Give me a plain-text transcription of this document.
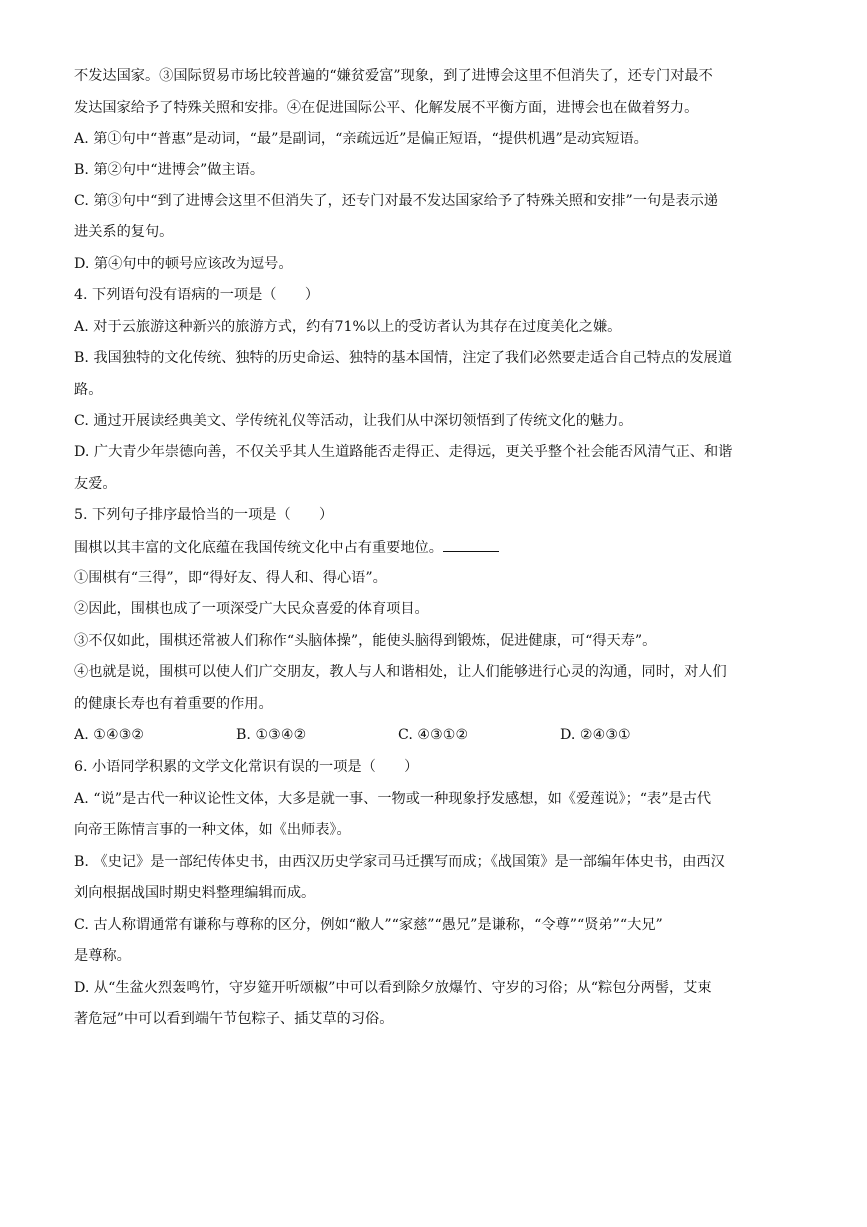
不发达国家。③国际贸易市场比较普遍的“嫌贫爱富”现象，到了进博会这里不但消失了，还专门对最不
发达国家给予了特殊关照和安排。④在促进国际公平、化解发展不平衡方面，进博会也在做着努力。
A. 第①句中“普惠”是动词，“最”是副词，“亲疏远近”是偏正短语，“提供机遇”是动宾短语。
B. 第②句中“进博会”做主语。
C. 第③句中“到了进博会这里不但消失了，还专门对最不发达国家给予了特殊关照和安排”一句是表示递
进关系的复句。
D. 第④句中的顿号应该改为逗号。
4. 下列语句没有语病的一项是（　　）
A. 对于云旅游这种新兴的旅游方式，约有71%以上的受访者认为其存在过度美化之嫌。
B. 我国独特的文化传统、独特的历史命运、独特的基本国情，注定了我们必然要走适合自己特点的发展道
路。
C. 通过开展读经典美文、学传统礼仪等活动，让我们从中深切领悟到了传统文化的魅力。
D. 广大青少年崇德向善，不仅关乎其人生道路能否走得正、走得远，更关乎整个社会能否风清气正、和谐
友爱。
5. 下列句子排序最恰当的一项是（　　）
围棋以其丰富的文化底蕴在我国传统文化中占有重要地位。
①围棋有“三得”，即“得好友、得人和、得心语”。
②因此，围棋也成了一项深受广大民众喜爱的体育项目。
③不仅如此，围棋还常被人们称作“头脑体操”，能使头脑得到锻炼，促进健康，可“得天寿”。
④也就是说，围棋可以使人们广交朋友，教人与人和谐相处，让人们能够进行心灵的沟通，同时，对人们
的健康长寿也有着重要的作用。
A. ①④③②	B. ①③④②	C. ④③①②	D. ②④③①
6. 小语同学积累的文学文化常识有误的一项是（　　）
A. “说”是古代一种议论性文体，大多是就一事、一物或一种现象抒发感想，如《爱莲说》；“表”是古代
向帝王陈情言事的一种文体，如《出师表》。
B. 《史记》是一部纪传体史书，由西汉历史学家司马迁撰写而成；《战国策》是一部编年体史书，由西汉
刘向根据战国时期史料整理编辑而成。
C. 古人称谓通常有谦称与尊称的区分，例如“敝人”“家慈”“愚兄”是谦称，“令尊”“贤弟”“大兄”
是尊称。
D. 从“生盆火烈轰鸣竹，守岁筵开听颂椒”中可以看到除夕放爆竹、守岁的习俗；从“粽包分两髻，艾束
著危冠”中可以看到端午节包粽子、插艾草的习俗。
